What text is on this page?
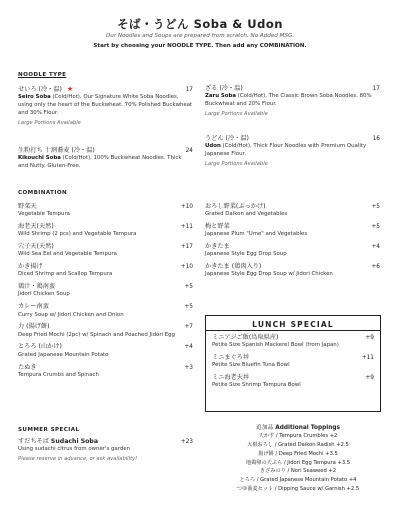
そば・うどん Soba & Udon
Our Noodles and Soups are prepared from scratch. No Added MSG.
Start by choosing your NOODLE TYPE. Then add any COMBINATION.
NOODLE TYPE
せいろ (冷・温) ★	17
Seiro Soba (Cold/Hot), Our Signature White Soba Noodles, using only the heart of the Buckwheat. 70% Polished Buckwheat and 30% Flour.
Large Portions Available
ざる (冷・温)	17
Zaru Soba (Cold/Hot), The Classic Brown Soba Noodles. 80% Buckwheat and 20% Flour.
Large Portions Available
生粉打ち 十割蕎麦 (冷・温)	24
Kikouchi Soba (Cold/Hot), 100% Buckwheat Noodles. Thick and Nutty. Gluten-Free.
うどん (冷・温)	16
Udon (Cold/Hot), Thick Flour Noodles with Premium Quality Japanese Flour.
Large Portions Available
COMBINATION
野菜天	+10
Vegetable Tempura
海老天(天然)	+11
Wild Shrimp (2 pcs) and Vegetable Tempura
穴子天(天然)	+17
Wild Sea Eel and Vegetable Tempura
かき揚げ	+10
Diced Shrimp and Scallop Tempura
鶏汁・鶏南蛮	+5
Jidori Chicken Soup
カレー南蛮	+5
Curry Soup w/ Jidori Chicken and Onion
力 (揚げ餅)	+7
Deep Fried Mochi (2pc) w/ Spinach and Poached Jidori Egg
とろろ (山かけ)	+4
Grated Japanese Mountain Potato
たぬき	+3
Tempura Crumbs and Spinach
おろし野菜(ぶっかけ)	+5
Grated Daikon and Vegetables
梅と野菜	+5
Japanese Plum "Ume" and Vegetables
かきたま	+4
Japanese Style Egg Drop Soup
かきたま (鶏肉入り)	+6
Japanese Style Egg Drop Soup w/ Jidori Chicken
LUNCH SPECIAL
ミニアジご飯(鳥取県産)	+9
Petite Size Spanish Mackerel Bowl (from Japan)
ミニまぐろ丼	+11
Petite Size Bluefin Tuna Bowl
ミニ海老天丼	+9
Petite Size Shrimp Tempura Bowl
SUMMER SPECIAL
すだちそば Sudachi Soba	+23
Using sudachi citrus from owner's garden
Please reserve in advance, or ask availability!
追加品 Additional Toppings
天かす / Tempura Crumbles +2
大根おろし / Grated Daikon Radish +2.5
揚げ餅 / Deep Fried Mochi +3.5
地鶏卵の天ぷら / Jidori Egg Tempura +3.5
きざみのり / Nori Seaweed +2
とろろ / Grated Japanese Mountain Potato +4
つゆ蕎麦セット / Dipping Sauce w/ Garnish +2.5
